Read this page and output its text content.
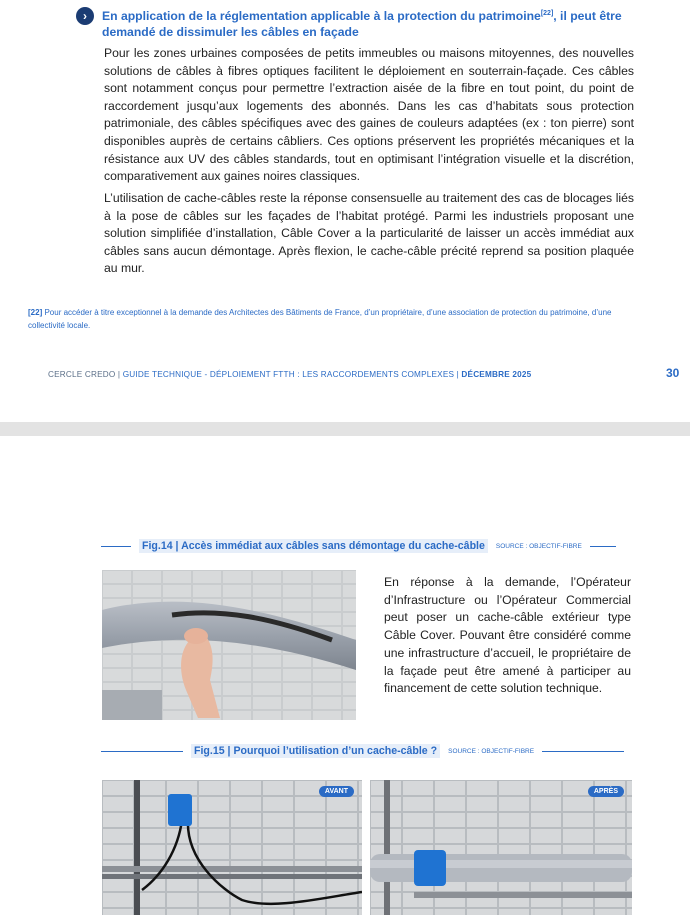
›	En application de la réglementation applicable à la protection du patrimoine[22], il peut être demandé de dissimuler les câbles en façade

Pour les zones urbaines composées de petits immeubles ou maisons mitoyennes, des nouvelles solutions de câbles à fibres optiques facilitent le déploiement en souterrain-façade. Ces câbles sont notamment conçus pour permettre l’extraction aisée de la fibre en tout point, du point de raccordement jusqu’aux logements des abonnés. Dans les cas d’habitats sous protection patrimoniale, des câbles spécifiques avec des gaines de couleurs adaptées (ex : ton pierre) sont disponibles auprès de certains câbliers. Ces options préservent les propriétés mécaniques et la résistance aux UV des câbles standards, tout en optimisant l’intégration visuelle et la discrétion, comparativement aux gaines noires classiques.

L’utilisation de cache-câbles reste la réponse consensuelle au traitement des cas de blocages liés à la pose de câbles sur les façades de l’habitat protégé. Parmi les industriels proposant une solution simplifiée d’installation, Câble Cover a la particularité de laisser un accès immédiat aux câbles sans aucun démontage. Après flexion, le cache-câble précité reprend sa position plaquée au mur.

[22] Pour accéder à titre exceptionnel à la demande des Architectes des Bâtiments de France, d’un propriétaire, d’une association de protection du patrimoine, d’une collectivité locale.

CERCLE CREDO | GUIDE TECHNIQUE - DÉPLOIEMENT FTTH : LES RACCORDEMENTS COMPLEXES | DÉCEMBRE 2025	30
Fig.14 | Accès immédiat aux câbles sans démontage du cache-câble	SOURCE : OBJECTIF-FIBRE

En réponse à la demande, l’Opérateur d’Infrastructure ou l’Opérateur Commercial peut poser un cache-câble extérieur type Câble Cover. Pouvant être considéré comme une infrastructure d’accueil, le propriétaire de la façade peut être amené à participer au financement de cette solution technique.

Fig.15 | Pourquoi l’utilisation d’un cache-câble ?	SOURCE : OBJECTIF-FIBRE
AVANT	APRÈS
